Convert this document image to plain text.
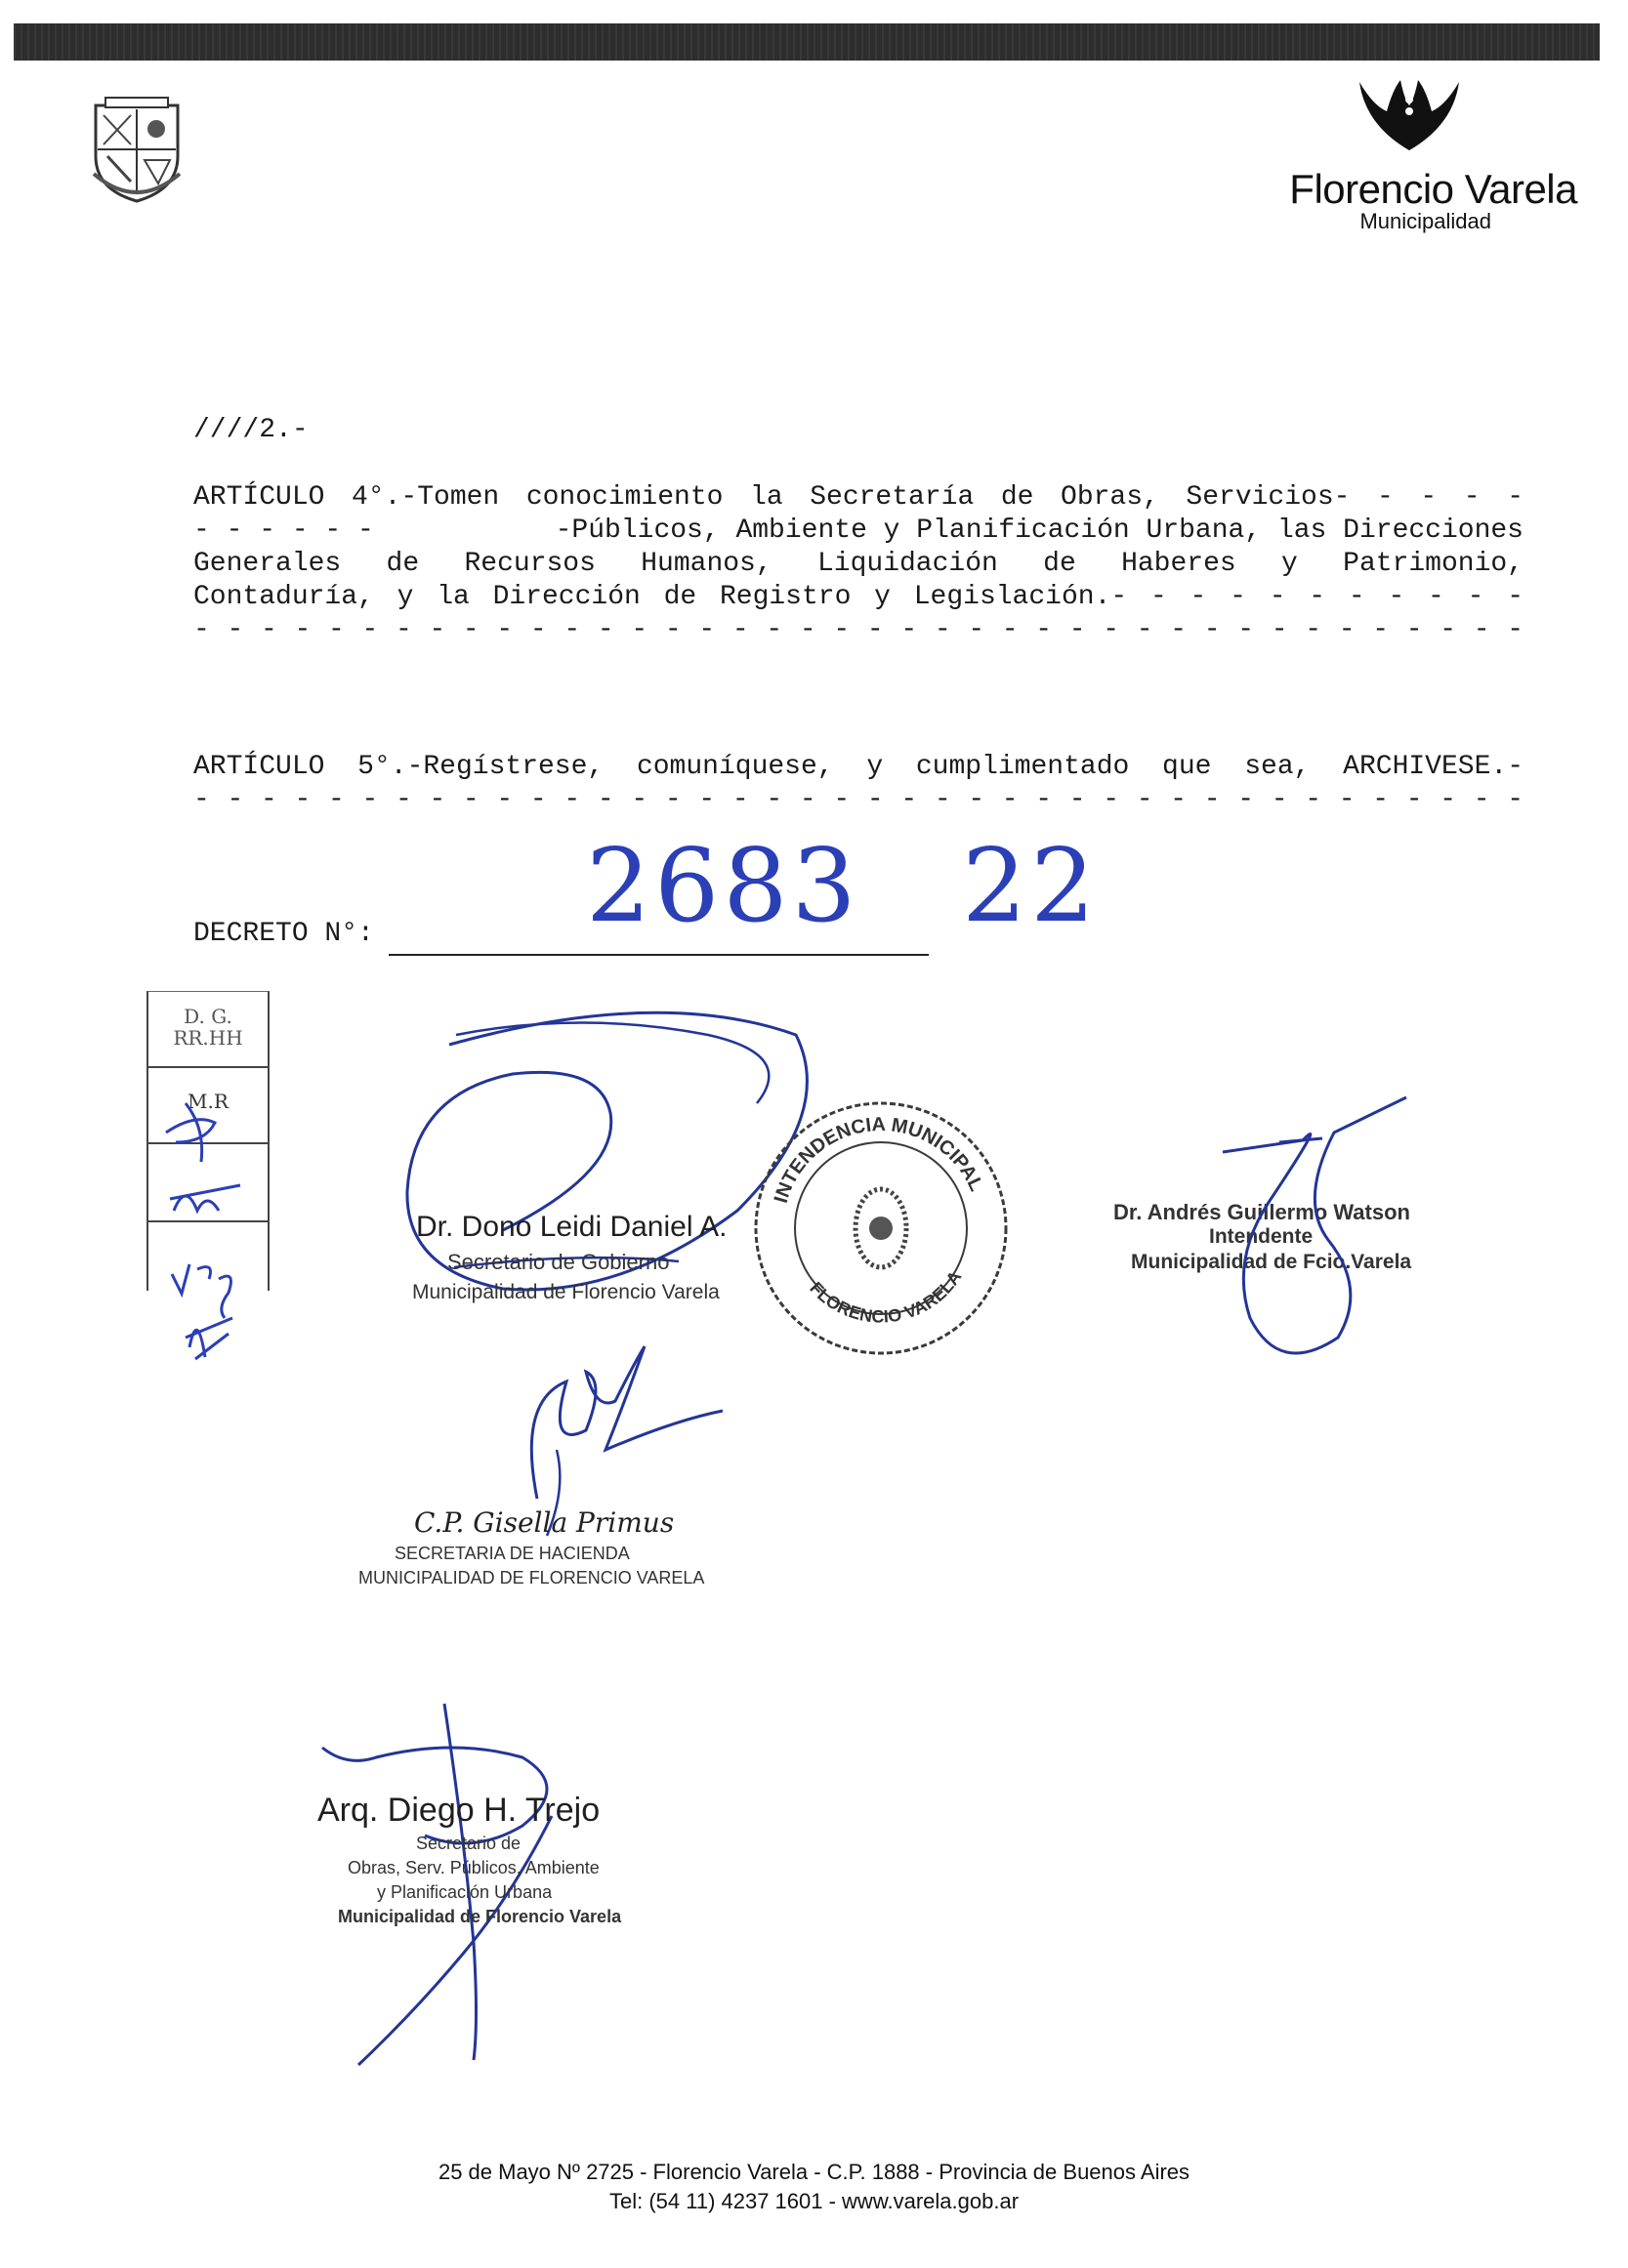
Florencio Varela
Municipalidad
////2.-
ARTÍCULO 4°.-Tomen conocimiento la Secretaría de Obras, Servicios- - - - -
- - - - - -	-Públicos, Ambiente y Planificación Urbana, las Direcciones
Generales de Recursos Humanos, Liquidación de Haberes y Patrimonio,
Contaduría, y la Dirección de Registro y Legislación.- - - - - - - - - - -
- - - - - - - - - - - - - - - - - - - - - - - - - - - - - - - - - - - - - - - -
ARTÍCULO 5°.-Regístrese, comuníquese, y cumplimentado que sea, ARCHIVESE.-
- - - - - - - - - - - - - - - - - - - - - - - - - - - - - - - - - - - - - - - -
DECRETO N°: 2683 22
D. G.
RR.HH
M.R
Dr. Dono Leidi Daniel A.
Secretario de Gobierno
Municipalidad de Florencio Varela
INTENDENCIA MUNICIPAL
FLORENCIO VARELA
Dr. Andrés Guillermo Watson
Intendente
Municipalidad de Fcio.Varela
C.P. Gisella Primus
SECRETARIA DE HACIENDA
MUNICIPALIDAD DE FLORENCIO VARELA
Arq. Diego H. Trejo
Secretario de
Obras, Serv. Públicos, Ambiente
y Planificación Urbana
Municipalidad de Florencio Varela
25 de Mayo Nº 2725 - Florencio Varela - C.P. 1888 - Provincia de Buenos Aires
Tel: (54 11) 4237 1601 - www.varela.gob.ar
